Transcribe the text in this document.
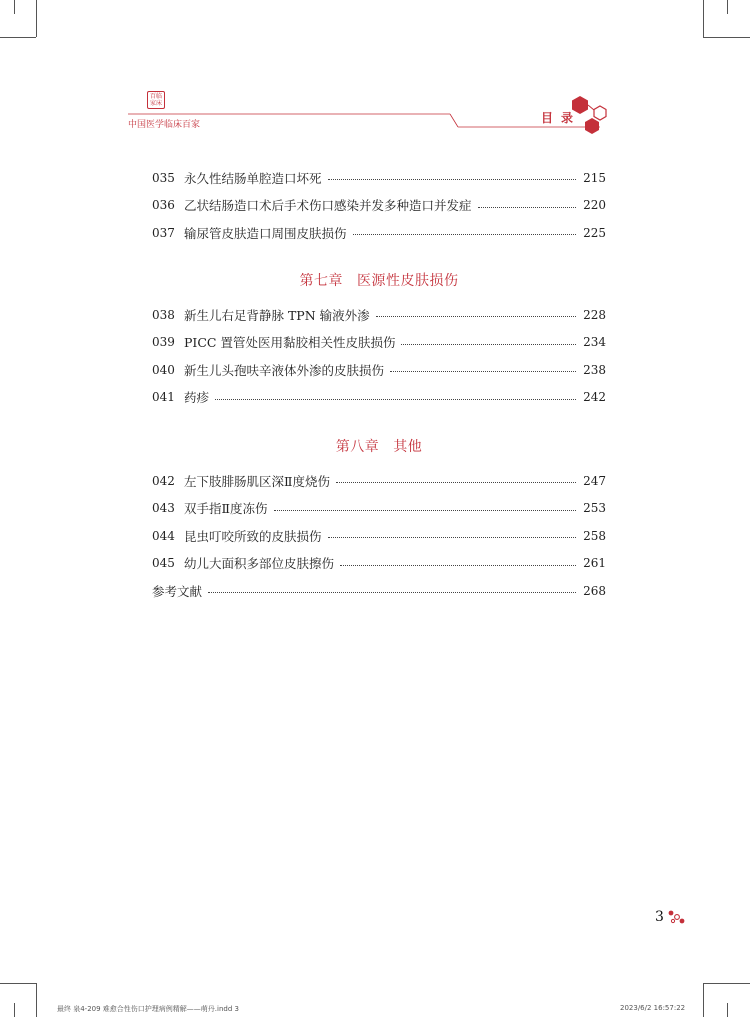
百临
家床
中国医学临床百家	目录
035 永久性结肠单腔造口坏死	215
036 乙状结肠造口术后手术伤口感染并发多种造口并发症	220
037 输尿管皮肤造口周围皮肤损伤	225
第七章 医源性皮肤损伤
038 新生儿右足背静脉 TPN 输液外渗	228
039 PICC 置管处医用黏胶相关性皮肤损伤	234
040 新生儿头孢呋辛液体外渗的皮肤损伤	238
041 药疹	242
第八章 其他
042 左下肢腓肠肌区深Ⅱ度烧伤	247
043 双手指Ⅱ度冻伤	253
044 昆虫叮咬所致的皮肤损伤	258
045 幼儿大面积多部位皮肤擦伤	261
参考文献	268
3
最终 泉4-209 难愈合性伤口护理病例精解——萌丹.indd 3	2023/6/2 16:57:22
